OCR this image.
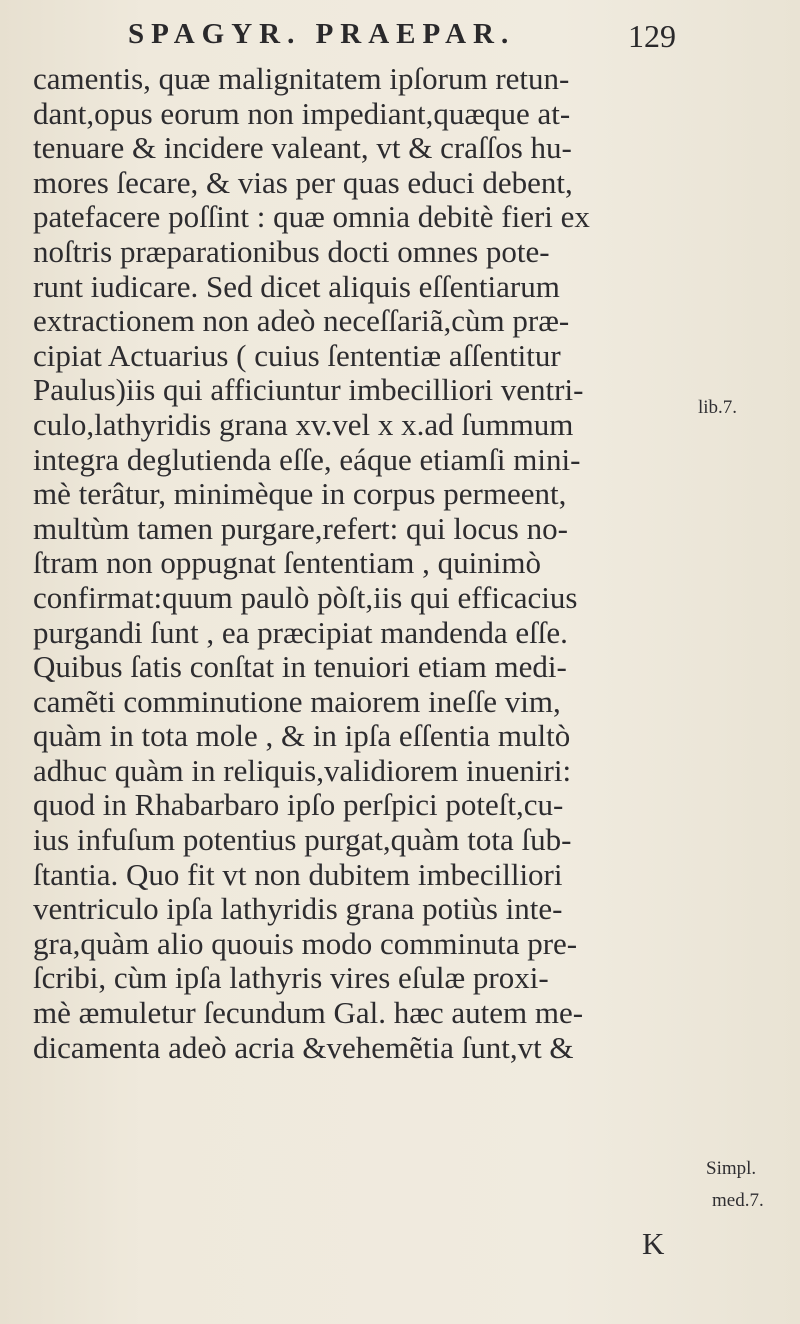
SPAGYR. PRAEPAR.	129
camentis, quæ malignitatem ipſorum retun-
dant,opus eorum non impediant,quæque at-
tenuare & incidere valeant, vt & craſſos hu-
mores ſecare, & vias per quas educi debent,
patefacere poſſint : quæ omnia debitè fieri ex
noſtris præparationibus docti omnes pote-
runt iudicare. Sed dicet aliquis eſſentiarum
extractionem non adeò neceſſariã,cùm præ-
cipiat Actuarius ( cuius ſententiæ aſſentitur
Paulus)iis qui afficiuntur imbecilliori ventri-
culo,lathyridis grana xv.vel x x.ad ſummum
integra deglutienda eſſe, eáque etiamſi mini-
mè terâtur, minimèque in corpus permeent,
multùm tamen purgare,refert: qui locus no-
ſtram non oppugnat ſententiam , quinimò
confirmat:quum paulò pòſt,iis qui efficacius
purgandi ſunt , ea præcipiat mandenda eſſe.
Quibus ſatis conſtat in tenuiori etiam medi-
camẽti comminutione maiorem ineſſe vim,
quàm in tota mole , & in ipſa eſſentia multò
adhuc quàm in reliquis,validiorem inueniri:
quod in Rhabarbaro ipſo perſpici poteſt,cu-
ius infuſum potentius purgat,quàm tota ſub-
ſtantia. Quo fit vt non dubitem imbecilliori
ventriculo ipſa lathyridis grana potiùs inte-
gra,quàm alio quouis modo comminuta pre-
ſcribi, cùm ipſa lathyris vires eſulæ proxi-
mè æmuletur ſecundum Gal. hæc autem me-
dicamenta adeò acria &vehemẽtia ſunt,vt &
lib.7.
Simpl.
med.7.
K
